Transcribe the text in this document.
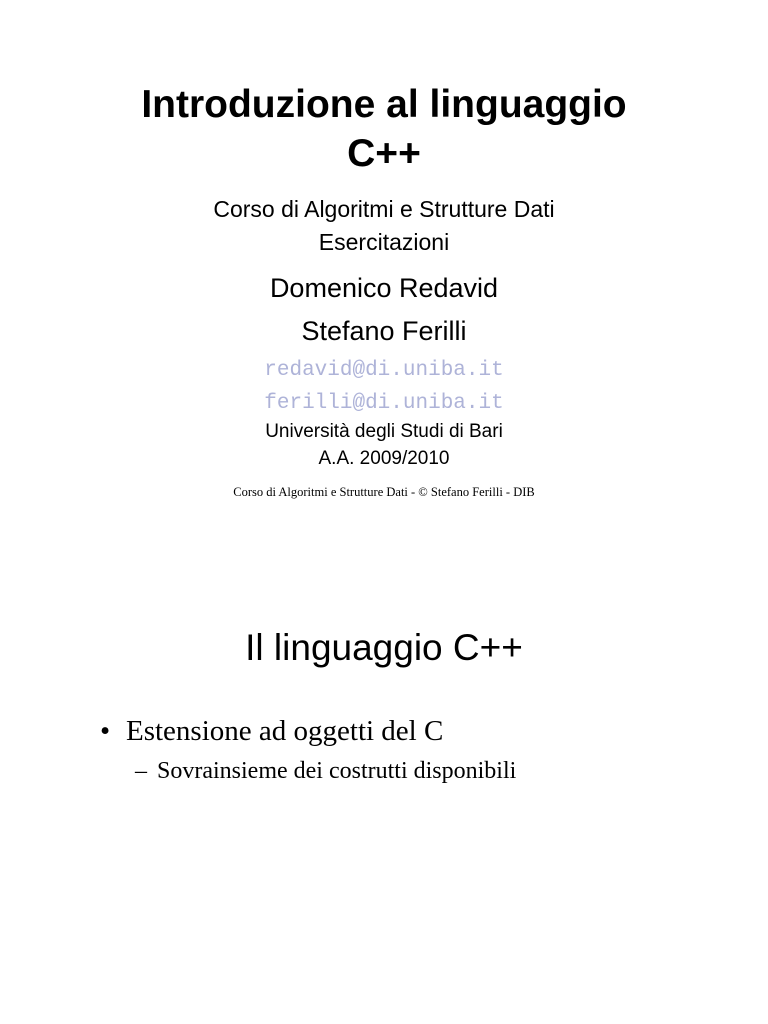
Introduzione al linguaggio
C++
Corso di Algoritmi e Strutture Dati
Esercitazioni
Domenico Redavid
Stefano Ferilli
redavid@di.uniba.it
ferilli@di.uniba.it
Università degli Studi di Bari
A.A. 2009/2010
Corso di Algoritmi e Strutture Dati - © Stefano Ferilli - DIB
Il linguaggio C++
• Estensione ad oggetti del C
– Sovrainsieme dei costrutti disponibili
